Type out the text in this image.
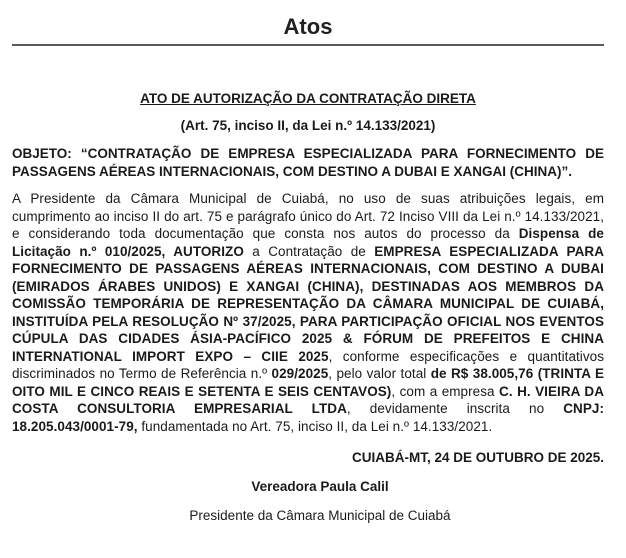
Atos
ATO DE AUTORIZAÇÃO DA CONTRATAÇÃO DIRETA
(Art. 75, inciso II, da Lei n.º 14.133/2021)
OBJETO: “CONTRATAÇÃO DE EMPRESA ESPECIALIZADA PARA FORNECIMENTO DE PASSAGENS AÉREAS INTERNACIONAIS, COM DESTINO A DUBAI E XANGAI (CHINA)”.
A Presidente da Câmara Municipal de Cuiabá, no uso de suas atribuições legais, em cumprimento ao inciso II do art. 75 e parágrafo único do Art. 72 Inciso VIII da Lei n.º 14.133/2021, e considerando toda documentação que consta nos autos do processo da Dispensa de Licitação n.º 010/2025, AUTORIZO a Contratação de EMPRESA ESPECIALIZADA PARA FORNECIMENTO DE PASSAGENS AÉREAS INTERNACIONAIS, COM DESTINO A DUBAI (EMIRADOS ÁRABES UNIDOS) E XANGAI (CHINA), DESTINADAS AOS MEMBROS DA COMISSÃO TEMPORÁRIA DE REPRESENTAÇÃO DA CÂMARA MUNICIPAL DE CUIABÁ, INSTITUÍDA PELA RESOLUÇÃO Nº 37/2025, PARA PARTICIPAÇÃO OFICIAL NOS EVENTOS CÚPULA DAS CIDADES ÁSIA-PACÍFICO 2025 & FÓRUM DE PREFEITOS E CHINA INTERNATIONAL IMPORT EXPO – CIIE 2025, conforme especificações e quantitativos discriminados no Termo de Referência n.º 029/2025, pelo valor total de R$ 38.005,76 (TRINTA E OITO MIL E CINCO REAIS E SETENTA E SEIS CENTAVOS), com a empresa C. H. VIEIRA DA COSTA CONSULTORIA EMPRESARIAL LTDA, devidamente inscrita no CNPJ: 18.205.043/0001-79, fundamentada no Art. 75, inciso II, da Lei n.º 14.133/2021.
CUIABÁ-MT, 24 DE OUTUBRO DE 2025.
Vereadora Paula Calil
Presidente da Câmara Municipal de Cuiabá
